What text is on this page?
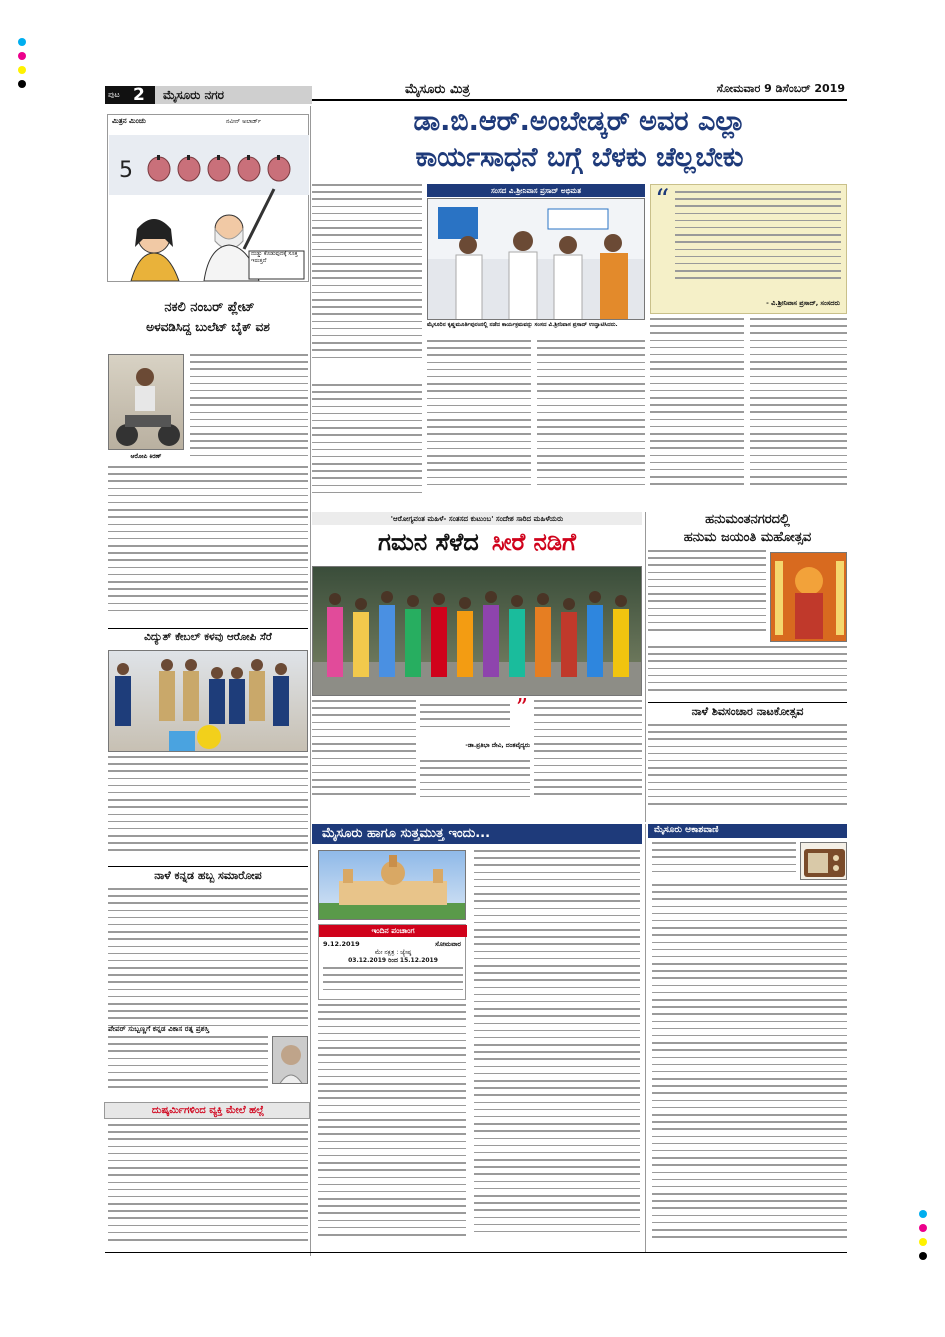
ಮೈಸೂರು ಮಿತ್ರ	ಸೋಮವಾರ 9 ಡಿಸೆಂಬರ್ 2019
ಪುಟ 2 ಮೈಸೂರು ನಗರ
ಮಿತ್ರನ ಮಿಂಚು	ನವೀನ್ ಅಲಾರ್ಡ್
5
ದುಡ್ಡು ಕೊಡುವುದಕ್ಕೆ ಸೂಕ್ತ ಇರುತ್ತದೆ
ನಕಲಿ ನಂಬರ್ ಪ್ಲೇಟ್
ಅಳವಡಿಸಿದ್ದ ಬುಲೆಟ್ ಬೈಕ್ ವಶ
ಆರೋಪಿ ಕಿರಣ್
ವಿದ್ಯುತ್ ಕೇಬಲ್ ಕಳವು ಆರೋಪಿ ಸೆರೆ
ನಾಳೆ ಕನ್ನಡ ಹಬ್ಬ ಸಮಾರೋಪ
ಪೇಪರ್ ಸುಬ್ಬಣ್ಣಗೆ ಕನ್ನಡ ವಿಕಾಸ ರತ್ನ ಪ್ರಶಸ್ತಿ
ದುಷ್ಕರ್ಮಿಗಳಿಂದ ವ್ಯಕ್ತಿ ಮೇಲೆ ಹಲ್ಲೆ
ಡಾ.ಬಿ.ಆರ್.ಅಂಬೇಡ್ಕರ್ ಅವರ ಎಲ್ಲಾ
ಕಾರ್ಯಸಾಧನೆ ಬಗ್ಗೆ ಬೆಳಕು ಚೆಲ್ಲಬೇಕು
ಸಂಸದ ವಿ.ಶ್ರೀನಿವಾಸ ಪ್ರಸಾದ್ ಅಭಿಮತ
ಮೈಸೂರಿನ ಕೃಷ್ಣಮೂರ್ತಿಪುರಂನಲ್ಲಿ ನಡೆದ ಕಾರ್ಯಕ್ರಮವನ್ನು ಸಂಸದ ವಿ.ಶ್ರೀನಿವಾಸ ಪ್ರಸಾದ್ ಉದ್ಘಾಟಿಸಿದರು.
“
- ವಿ.ಶ್ರೀನಿವಾಸ ಪ್ರಸಾದ್, ಸಂಸದರು
'ಆರೋಗ್ಯವಂತ ಮಹಿಳೆ- ಸಂತಸದ ಕುಟುಂಬ' ಸಂದೇಶ ಸಾರಿದ ಮಹಿಳೆಯರು
ಗಮನ ಸೆಳೆದ ಸೀರೆ ನಡಿಗೆ
”
-ಡಾ.ಪ್ರತಿಭಾ ದೇವಿ, ದಂತವೈದ್ಯರು
ಹನುಮಂತನಗರದಲ್ಲಿ
ಹನುಮ ಜಯಂತಿ ಮಹೋತ್ಸವ
ನಾಳೆ ಶಿವಸಂಚಾರ ನಾಟಕೋತ್ಸವ
ಮೈಸೂರು ಹಾಗೂ ಸುತ್ತಮುತ್ತ ಇಂದು...
ಇಂದಿನ ಪಂಚಾಂಗ
9.12.2019	ಸೋಮವಾರ
ಮೇ ನಕ್ಷತ್ರ : ಜ್ಯೇಷ್ಠ
03.12.2019 ರಿಂದ 15.12.2019
ಮೈಸೂರು ಆಕಾಶವಾಣಿ
